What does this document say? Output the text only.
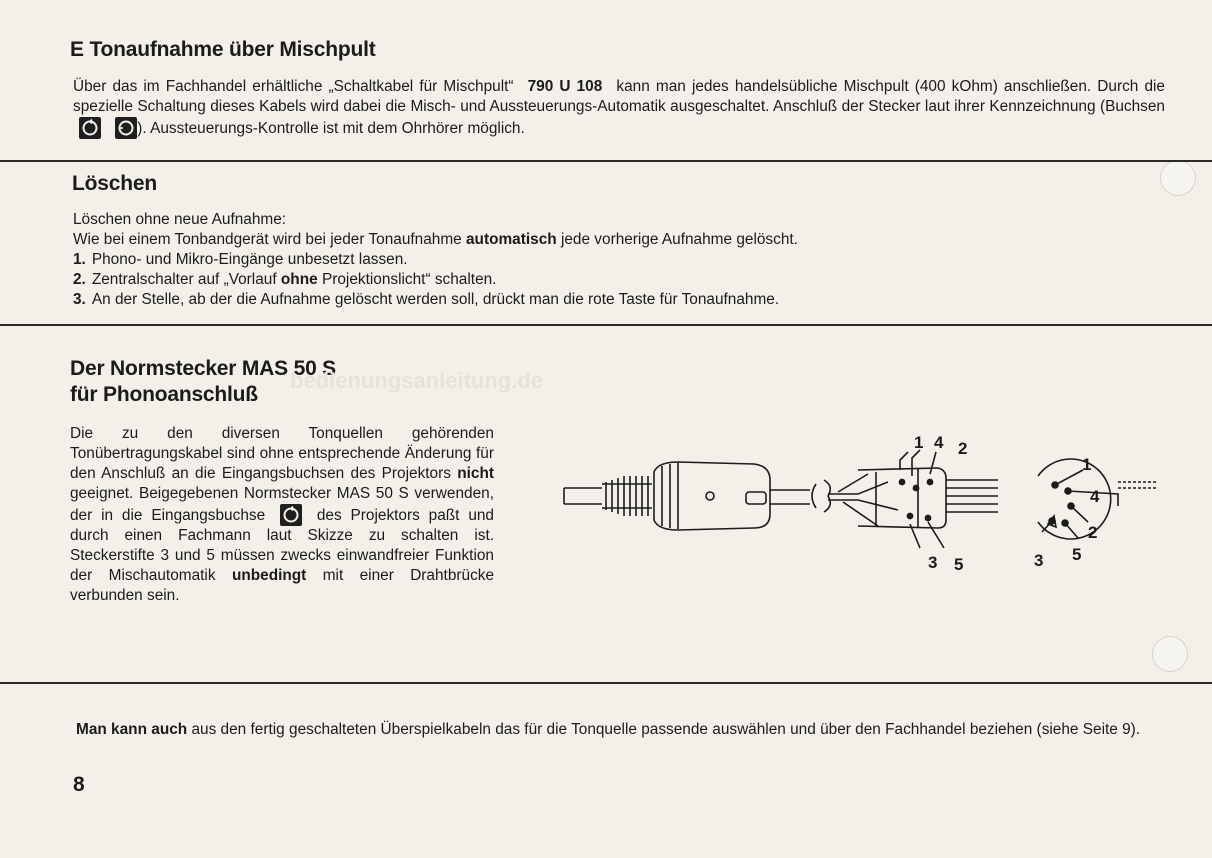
E Tonaufnahme über Mischpult
Über das im Fachhandel erhältliche „Schaltkabel für Mischpult“ 790 U 108 kann man jedes handelsübliche Mischpult (400 kOhm) anschließen. Durch die spezielle Schaltung dieses Kabels wird dabei die Misch- und Aussteuerungs-Automatik ausgeschaltet. Anschluß der Stecker laut ihrer Kennzeichnung (Buchsen

). Aussteuerungs-Kontrolle ist mit dem Ohrhörer möglich.
Löschen
Löschen ohne neue Aufnahme:
Wie bei einem Tonbandgerät wird bei jeder Tonaufnahme automatisch jede vorherige Aufnahme gelöscht.
1. Phono- und Mikro-Eingänge unbesetzt lassen.
2. Zentralschalter auf „Vorlauf ohne Projektionslicht“ schalten.
3. An der Stelle, ab der die Aufnahme gelöscht werden soll, drückt man die rote Taste für Tonaufnahme.
Der Normstecker MAS 50 S
für Phonoanschluß
bedienungsanleitung.de
Die zu den diversen Tonquellen gehörenden Tonübertragungskabel sind ohne entsprechende Änderung für den Anschluß an die Eingangsbuchsen des Projektors nicht geeignet. Beigegebenen Normstecker MAS 50 S verwenden, der in die Eingangsbuchse	des Projektors paßt und durch einen Fachmann laut Skizze zu schalten ist. Steckerstifte 3 und 5 müssen zwecks einwandfreier Funktion der Mischautomatik unbedingt mit einer Drahtbrücke verbunden sein.
1 4 2
3 5
1
4
2
3 5
Man kann auch aus den fertig geschalteten Überspielkabeln das für die Tonquelle passende auswählen und über den Fachhandel beziehen (siehe Seite 9).
8
